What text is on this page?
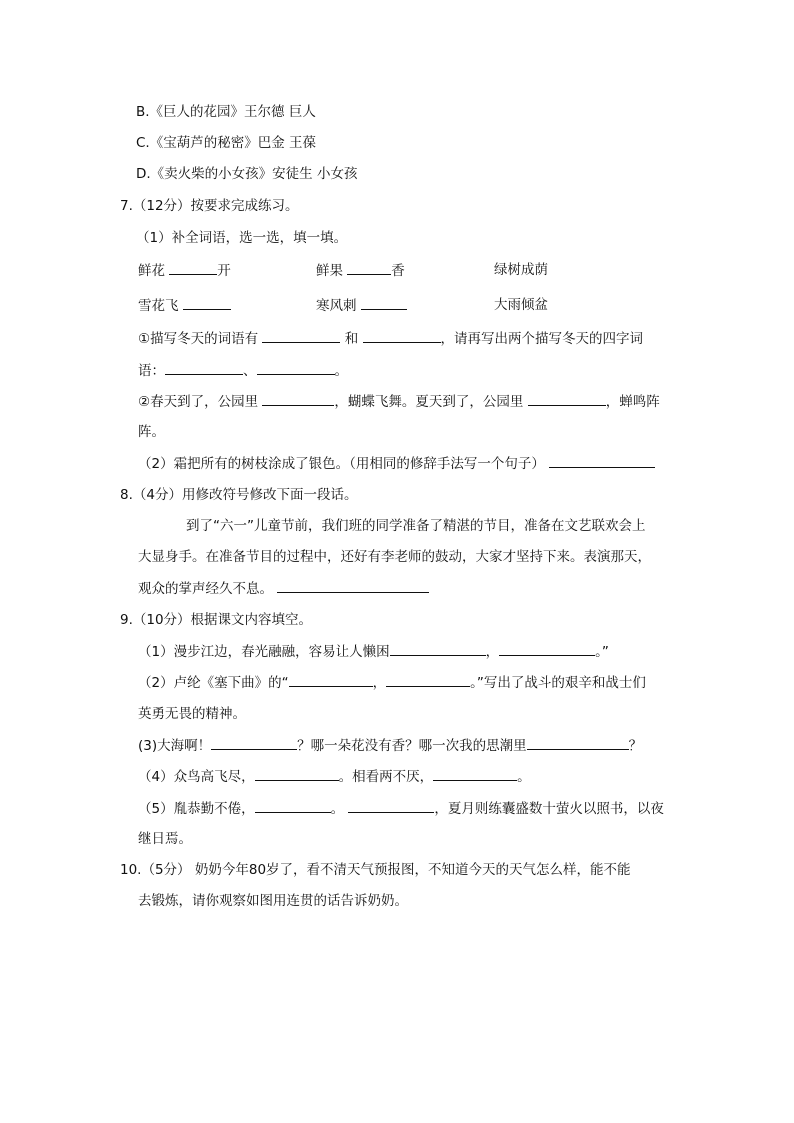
B.《巨人的花园》王尔德 巨人
C.《宝葫芦的秘密》巴金 王葆
D.《卖火柴的小女孩》安徒生 小女孩
7.（12分）按要求完成练习。
（1）补全词语，选一选，填一填。
鲜花	开	鲜果	香	绿树成荫
雪花飞	寒风刺	大雨倾盆
①描写冬天的词语有	和	，请再写出两个描写冬天的四字词
语：	、	。
②春天到了，公园里	，蝴蝶飞舞。夏天到了，公园里	，蝉鸣阵
阵。
（2）霜把所有的树枝涂成了银色。（用相同的修辞手法写一个句子）
8.（4分）用修改符号修改下面一段话。
到了“六一”儿童节前，我们班的同学准备了精湛的节目，准备在文艺联欢会上
大显身手。在准备节目的过程中，还好有李老师的鼓动，大家才坚持下来。表演那天，
观众的掌声经久不息。
9.（10分）根据课文内容填空。
（1）漫步江边，春光融融，容易让人懒困	，	。”
（2）卢纶《塞下曲》的“	，	。”写出了战斗的艰辛和战士们
英勇无畏的精神。
(3)大海啊！	？哪一朵花没有香？哪一次我的思潮里	？
（4）众鸟高飞尽，	。相看两不厌，	。
（5）胤恭勤不倦，	。	，夏月则练囊盛数十萤火以照书，以夜
继日焉。
10.（5分） 奶奶今年80岁了，看不清天气预报图，不知道今天的天气怎么样，能不能
去锻炼，请你观察如图用连贯的话告诉奶奶。
